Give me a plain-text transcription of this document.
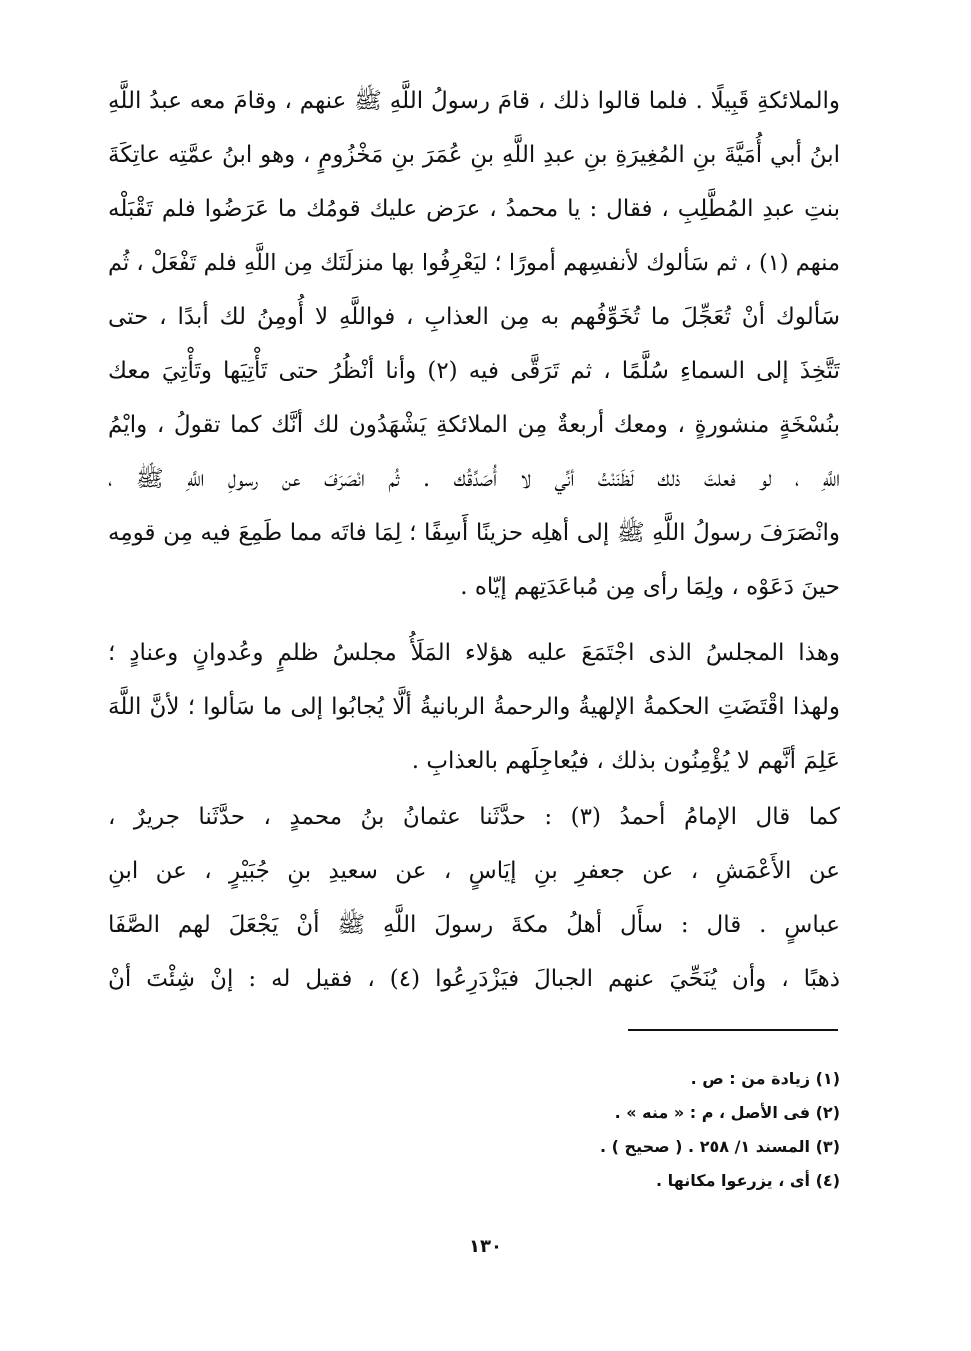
والملائكةِ قَبِيلًا . فلما قالوا ذلك ، قامَ رسولُ اللَّهِ ﷺ عنهم ، وقامَ معه عبدُ اللَّهِ
ابنُ أبي أُمَيَّةَ بنِ المُغِيرَةِ بنِ عبدِ اللَّهِ بنِ عُمَرَ بنِ مَخْزُومٍ ، وهو ابنُ عمَّتِه عاتِكَةَ
بنتِ عبدِ المُطَّلِبِ ، فقال : يا محمدُ ، عرَض عليك قومُك ما عَرَضُوا فلم تَقْبَلْه
منهم (١) ، ثم سَألوك لأنفسِهم أمورًا ؛ ليَعْرِفُوا بها منزلَتَك مِن اللَّهِ فلم تَفْعَلْ ، ثُم
سَألوك أنْ تُعَجِّلَ ما تُخَوِّفُهم به مِن العذابِ ، فواللَّهِ لا أُومِنُ لك أبدًا ، حتى
تَتَّخِذَ إلى السماءِ سُلَّمًا ، ثم تَرَقَّى فيه (٢) وأنا أنْظُرُ حتى تَأْتِيَها وتَأْتِيَ معك
بنُسْخَةٍ منشورةٍ ، ومعك أربعةٌ مِن الملائكةِ يَشْهَدُون لك أنَّك كما تقولُ ، وايْمُ
اللَّهِ ، لو فعلتَ ذلك لَظَنَنْتُ أنِّي لا أُصَدِّقُك . ثُم انْصَرَفَ عن رسولِ اللَّهِ ﷺ ،
وانْصَرَفَ رسولُ اللَّهِ ﷺ إلى أهلِه حزينًا أَسِفًا ؛ لِمَا فاتَه مما طَمِعَ فيه مِن قومِه
حينَ دَعَوْه ، ولِمَا رأى مِن مُباعَدَتِهم إيّاه .
وهذا المجلسُ الذى اجْتَمَعَ عليه هؤلاء المَلَأُ مجلسُ ظلمٍ وعُدوانٍ وعنادٍ ؛
ولهذا اقْتَضَتِ الحكمةُ الإلهيةُ والرحمةُ الربانيةُ ألَّا يُجابُوا إلى ما سَألوا ؛ لأنَّ اللَّهَ
عَلِمَ أنَّهم لا يُؤْمِنُون بذلك ، فيُعاجِلَهم بالعذابِ .
كما قال الإمامُ أحمدُ (٣) : حدَّثَنا عثمانُ بنُ محمدٍ ، حدَّثَنا جريرٌ ،
عن الأَعْمَشِ ، عن جعفرِ بنِ إيَاسٍ ، عن سعيدِ بنِ جُبَيْرٍ ، عن ابنِ
عباسٍ . قال : سأَل أهلُ مكةَ رسولَ اللَّهِ ﷺ أنْ يَجْعَلَ لهم الصَّفَا
ذهبًا ، وأن يُنَحِّيَ عنهم الجبالَ فيَزْدَرِعُوا (٤) ، فقيل له : إنْ شِئْتَ أنْ
(١) زيادة من : ص .
(٢) فى الأصل ، م : « منه » .
(٣) المسند ١/ ٢٥٨ . ( صحيح ) .
(٤) أى ، يزرعوا مكانها .
١٣٠
